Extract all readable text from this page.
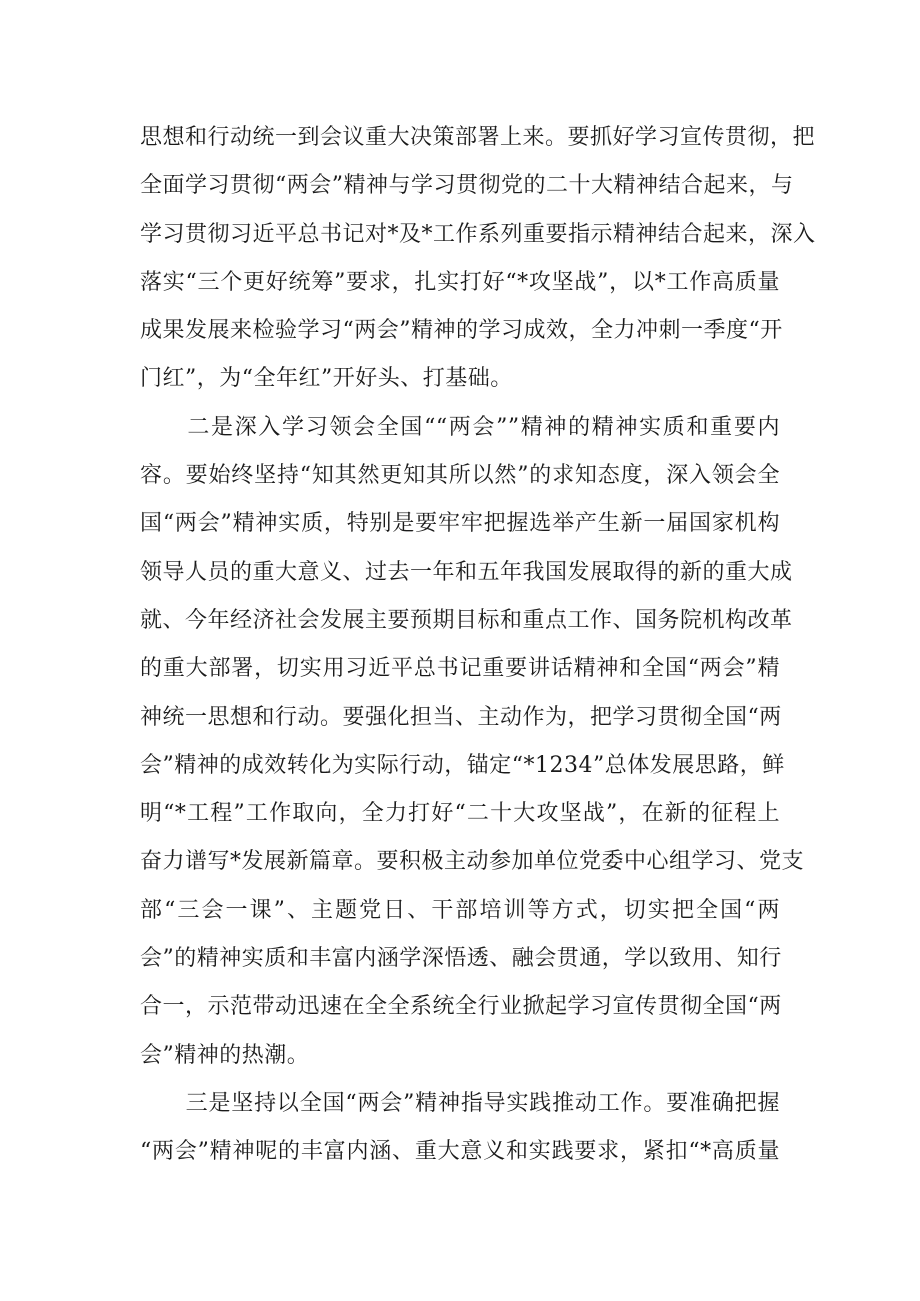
思想和行动统一到会议重大决策部署上来。要抓好学习宣传贯彻，把
全面学习贯彻“两会”精神与学习贯彻党的二十大精神结合起来，与
学习贯彻习近平总书记对*及*工作系列重要指示精神结合起来，深入
落实“三个更好统筹”要求，扎实打好“*攻坚战”，以*工作高质量
成果发展来检验学习“两会”精神的学习成效，全力冲刺一季度“开
门红”，为“全年红”开好头、打基础。
　　二是深入学习领会全国““两会””精神的精神实质和重要内
容。要始终坚持“知其然更知其所以然”的求知态度，深入领会全
国“两会”精神实质，特别是要牢牢把握选举产生新一届国家机构
领导人员的重大意义、过去一年和五年我国发展取得的新的重大成
就、今年经济社会发展主要预期目标和重点工作、国务院机构改革
的重大部署，切实用习近平总书记重要讲话精神和全国“两会”精
神统一思想和行动。要强化担当、主动作为，把学习贯彻全国“两
会”精神的成效转化为实际行动，锚定“*1234”总体发展思路，鲜
明“*工程”工作取向，全力打好“二十大攻坚战”，在新的征程上
奋力谱写*发展新篇章。要积极主动参加单位党委中心组学习、党支
部“三会一课”、主题党日、干部培训等方式，切实把全国“两
会”的精神实质和丰富内涵学深悟透、融会贯通，学以致用、知行
合一，示范带动迅速在全全系统全行业掀起学习宣传贯彻全国“两
会”精神的热潮。
　　三是坚持以全国“两会”精神指导实践推动工作。要准确把握
“两会”精神呢的丰富内涵、重大意义和实践要求，紧扣“*高质量
